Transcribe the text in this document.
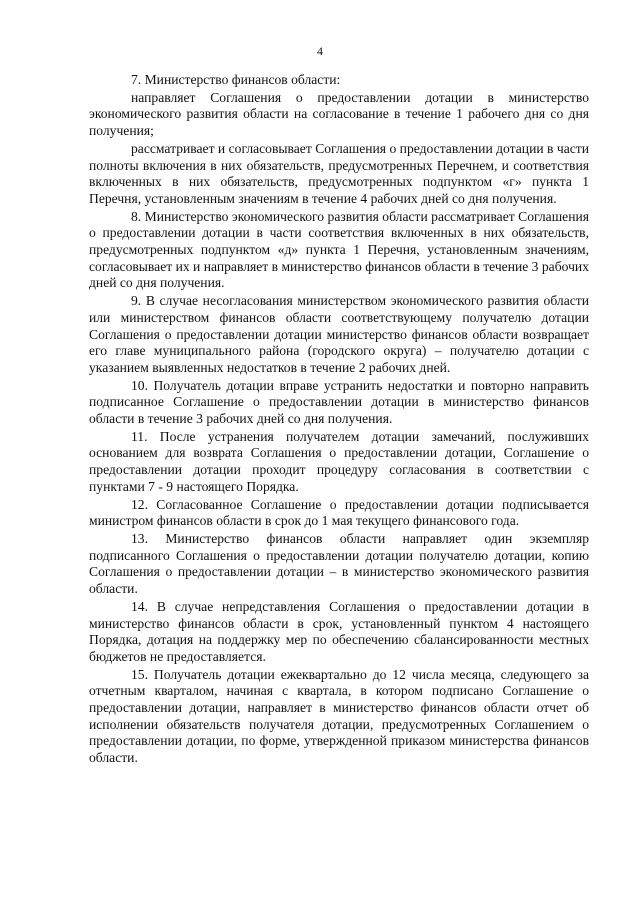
4

7. Министерство финансов области:

направляет Соглашения о предоставлении дотации в министерство экономического развития области на согласование в течение 1 рабочего дня со дня получения;

рассматривает и согласовывает Соглашения о предоставлении дотации в части полноты включения в них обязательств, предусмотренных Перечнем, и соответствия включенных в них обязательств, предусмотренных подпунктом «г» пункта 1 Перечня, установленным значениям в течение 4 рабочих дней со дня получения.

8. Министерство экономического развития области рассматривает Соглашения о предоставлении дотации в части соответствия включенных в них обязательств, предусмотренных подпунктом «д» пункта 1 Перечня, установленным значениям, согласовывает их и направляет в министерство финансов области в течение 3 рабочих дней со дня получения.

9. В случае несогласования министерством экономического развития области или министерством финансов области соответствующему получателю дотации Соглашения о предоставлении дотации министерство финансов области возвращает его главе муниципального района (городского округа) – получателю дотации с указанием выявленных недостатков в течение 2 рабочих дней.

10. Получатель дотации вправе устранить недостатки и повторно направить подписанное Соглашение о предоставлении дотации в министерство финансов области в течение 3 рабочих дней со дня получения.

11. После устранения получателем дотации замечаний, послуживших основанием для возврата Соглашения о предоставлении дотации, Соглашение о предоставлении дотации проходит процедуру согласования в соответствии с пунктами 7 - 9 настоящего Порядка.

12. Согласованное Соглашение о предоставлении дотации подписывается министром финансов области в срок до 1 мая текущего финансового года.

13. Министерство финансов области направляет один экземпляр подписанного Соглашения о предоставлении дотации получателю дотации, копию Соглашения о предоставлении дотации – в министерство экономического развития области.

14. В случае непредставления Соглашения о предоставлении дотации в министерство финансов области в срок, установленный пунктом 4 настоящего Порядка, дотация на поддержку мер по обеспечению сбалансированности местных бюджетов не предоставляется.

15. Получатель дотации ежеквартально до 12 числа месяца, следующего за отчетным кварталом, начиная с квартала, в котором подписано Соглашение о предоставлении дотации, направляет в министерство финансов области отчет об исполнении обязательств получателя дотации, предусмотренных Соглашением о предоставлении дотации, по форме, утвержденной приказом министерства финансов области.
